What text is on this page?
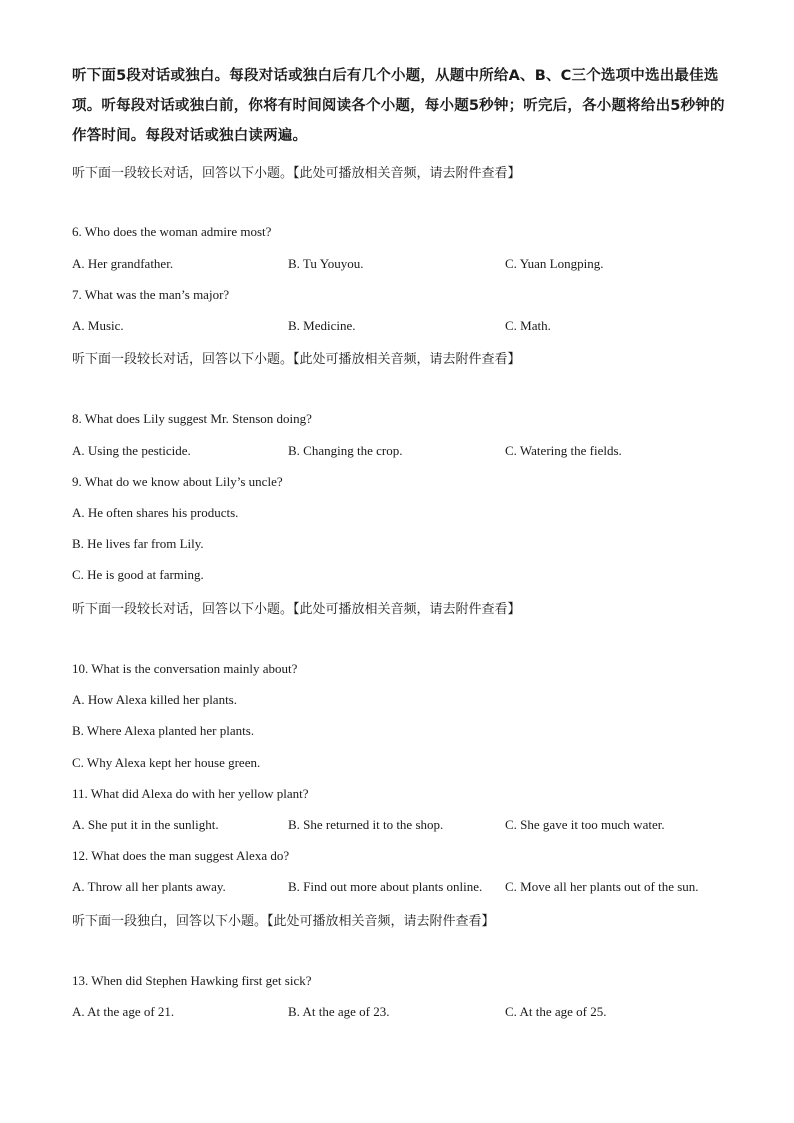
听下面5段对话或独白。每段对话或独白后有几个小题，从题中所给A、B、C三个选项中选出最佳选项。听每段对话或独白前，你将有时间阅读各个小题，每小题5秒钟；听完后，各小题将给出5秒钟的作答时间。每段对话或独白读两遍。
听下面一段较长对话，回答以下小题。【此处可播放相关音频，请去附件查看】
6. Who does the woman admire most?
A. Her grandfather.	B. Tu Youyou.	C. Yuan Longping.
7. What was the man’s major?
A. Music.	B. Medicine.	C. Math.
听下面一段较长对话，回答以下小题。【此处可播放相关音频，请去附件查看】
8. What does Lily suggest Mr. Stenson doing?
A. Using the pesticide.	B. Changing the crop.	C. Watering the fields.
9. What do we know about Lily’s uncle?
A. He often shares his products.
B. He lives far from Lily.
C. He is good at farming.
听下面一段较长对话，回答以下小题。【此处可播放相关音频，请去附件查看】
10. What is the conversation mainly about?
A. How Alexa killed her plants.
B. Where Alexa planted her plants.
C. Why Alexa kept her house green.
11. What did Alexa do with her yellow plant?
A. She put it in the sunlight.	B. She returned it to the shop.	C. She gave it too much water.
12. What does the man suggest Alexa do?
A. Throw all her plants away.	B. Find out more about plants online. C. Move all her plants out of the sun.
听下面一段独白，回答以下小题。【此处可播放相关音频，请去附件查看】
13. When did Stephen Hawking first get sick?
A. At the age of 21.	B. At the age of 23.	C. At the age of 25.
